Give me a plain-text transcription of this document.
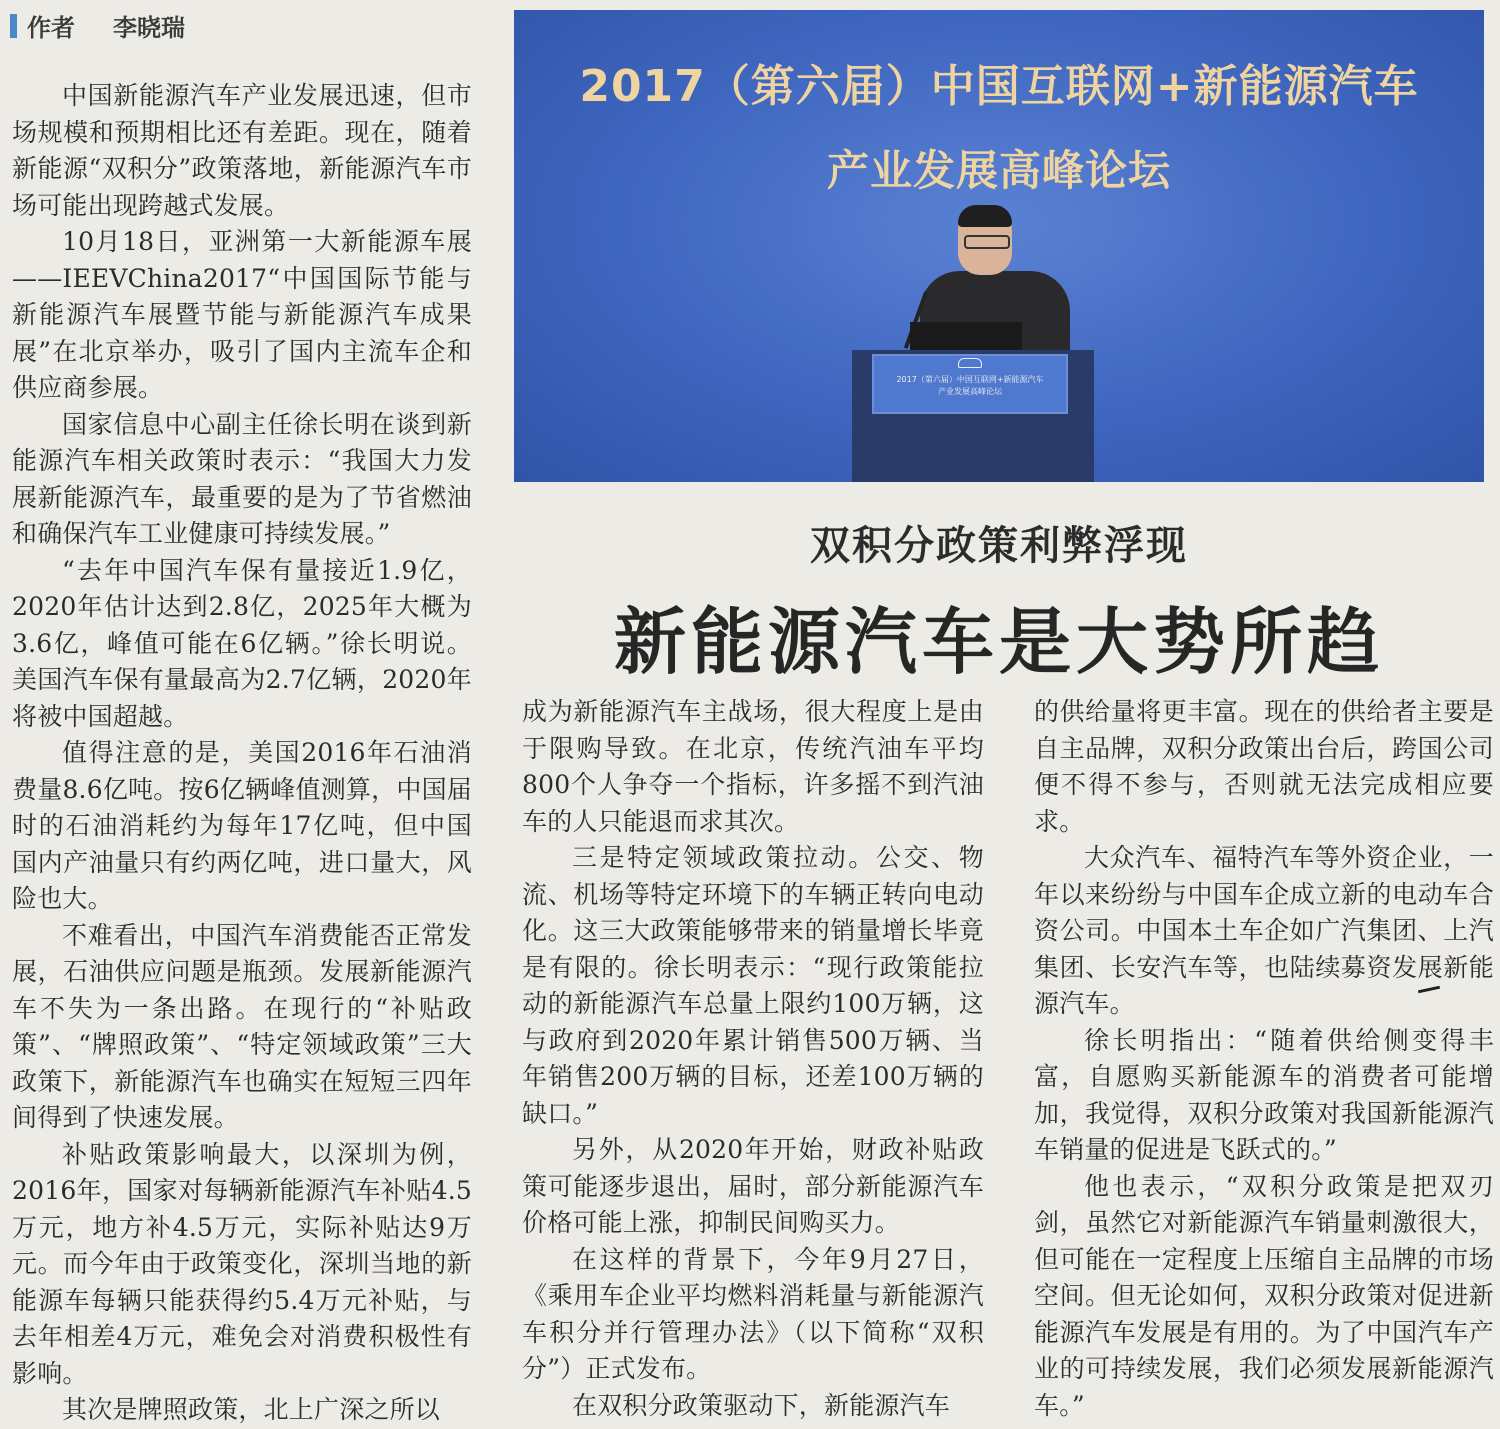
作者 李晓瑞
2017（第六届）中国互联网+新能源汽车
产业发展高峰论坛
2017（第六届）中国互联网+新能源汽车
产业发展高峰论坛
双积分政策利弊浮现
新能源汽车是大势所趋

中国新能源汽车产业发展迅速，但市场规模和预期相比还有差距。现在，随着新能源“双积分”政策落地，新能源汽车市场可能出现跨越式发展。

10月18日，亚洲第一大新能源车展——IEEVChina2017“中国国际节能与新能源汽车展暨节能与新能源汽车成果展”在北京举办，吸引了国内主流车企和供应商参展。

国家信息中心副主任徐长明在谈到新能源汽车相关政策时表示：“我国大力发展新能源汽车，最重要的是为了节省燃油和确保汽车工业健康可持续发展。”

“去年中国汽车保有量接近1.9亿，2020年估计达到2.8亿，2025年大概为3.6亿，峰值可能在6亿辆。”徐长明说。美国汽车保有量最高为2.7亿辆，2020年将被中国超越。

值得注意的是，美国2016年石油消费量8.6亿吨。按6亿辆峰值测算，中国届时的石油消耗约为每年17亿吨，但中国国内产油量只有约两亿吨，进口量大，风险也大。

不难看出，中国汽车消费能否正常发展，石油供应问题是瓶颈。发展新能源汽车不失为一条出路。在现行的“补贴政策”、“牌照政策”、“特定领域政策”三大政策下，新能源汽车也确实在短短三四年间得到了快速发展。

补贴政策影响最大，以深圳为例，2016年，国家对每辆新能源汽车补贴4.5万元，地方补4.5万元，实际补贴达9万元。而今年由于政策变化，深圳当地的新能源车每辆只能获得约5.4万元补贴，与去年相差4万元，难免会对消费积极性有影响。

其次是牌照政策，北上广深之所以

成为新能源汽车主战场，很大程度上是由于限购导致。在北京，传统汽油车平均800个人争夺一个指标，许多摇不到汽油车的人只能退而求其次。

三是特定领域政策拉动。公交、物流、机场等特定环境下的车辆正转向电动化。这三大政策能够带来的销量增长毕竟是有限的。徐长明表示：“现行政策能拉动的新能源汽车总量上限约100万辆，这与政府到2020年累计销售500万辆、当年销售200万辆的目标，还差100万辆的缺口。”

另外，从2020年开始，财政补贴政策可能逐步退出，届时，部分新能源汽车价格可能上涨，抑制民间购买力。

在这样的背景下，今年9月27日，《乘用车企业平均燃料消耗量与新能源汽车积分并行管理办法》（以下简称“双积分”）正式发布。

在双积分政策驱动下，新能源汽车

的供给量将更丰富。现在的供给者主要是自主品牌，双积分政策出台后，跨国公司便不得不参与，否则就无法完成相应要求。

大众汽车、福特汽车等外资企业，一年以来纷纷与中国车企成立新的电动车合资公司。中国本土车企如广汽集团、上汽集团、长安汽车等，也陆续募资发展新能源汽车。

徐长明指出：“随着供给侧变得丰富，自愿购买新能源车的消费者可能增加，我觉得，双积分政策对我国新能源汽车销量的促进是飞跃式的。”

他也表示，“双积分政策是把双刃剑，虽然它对新能源汽车销量刺激很大，但可能在一定程度上压缩自主品牌的市场空间。但无论如何，双积分政策对促进新能源汽车发展是有用的。为了中国汽车产业的可持续发展，我们必须发展新能源汽车。”
